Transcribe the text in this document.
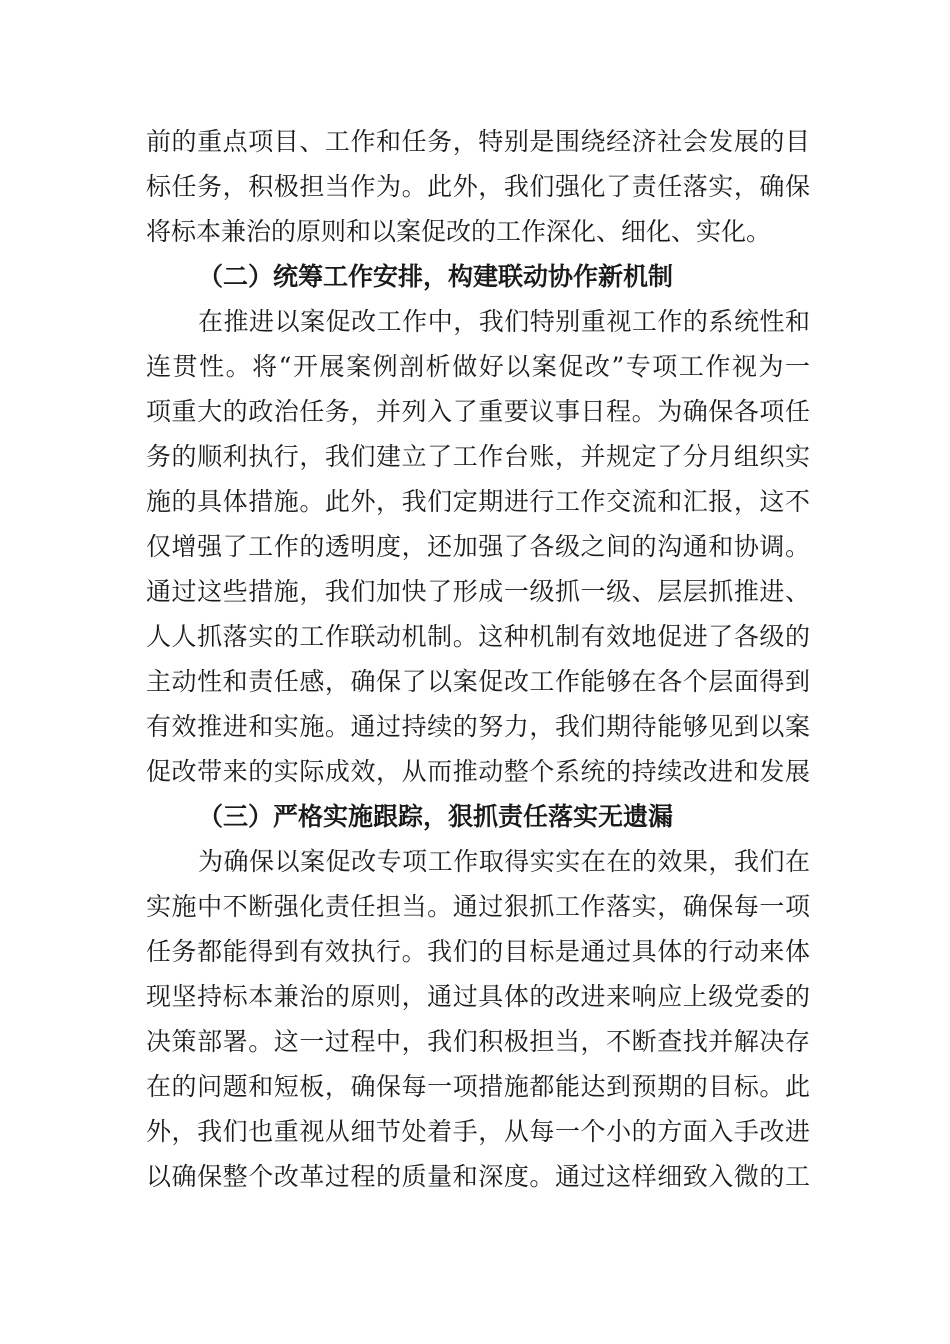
前的重点项目、工作和任务，特别是围绕经济社会发展的目
标任务，积极担当作为。此外，我们强化了责任落实，确保
将标本兼治的原则和以案促改的工作深化、细化、实化。
（二）统筹工作安排，构建联动协作新机制
在推进以案促改工作中，我们特别重视工作的系统性和
连贯性。将“开展案例剖析做好以案促改”专项工作视为一
项重大的政治任务，并列入了重要议事日程。为确保各项任
务的顺利执行，我们建立了工作台账，并规定了分月组织实
施的具体措施。此外，我们定期进行工作交流和汇报，这不
仅增强了工作的透明度，还加强了各级之间的沟通和协调。
通过这些措施，我们加快了形成一级抓一级、层层抓推进、
人人抓落实的工作联动机制。这种机制有效地促进了各级的
主动性和责任感，确保了以案促改工作能够在各个层面得到
有效推进和实施。通过持续的努力，我们期待能够见到以案
促改带来的实际成效，从而推动整个系统的持续改进和发展
（三）严格实施跟踪，狠抓责任落实无遗漏
为确保以案促改专项工作取得实实在在的效果，我们在
实施中不断强化责任担当。通过狠抓工作落实，确保每一项
任务都能得到有效执行。我们的目标是通过具体的行动来体
现坚持标本兼治的原则，通过具体的改进来响应上级党委的
决策部署。这一过程中，我们积极担当，不断查找并解决存
在的问题和短板，确保每一项措施都能达到预期的目标。此
外，我们也重视从细节处着手，从每一个小的方面入手改进
以确保整个改革过程的质量和深度。通过这样细致入微的工
